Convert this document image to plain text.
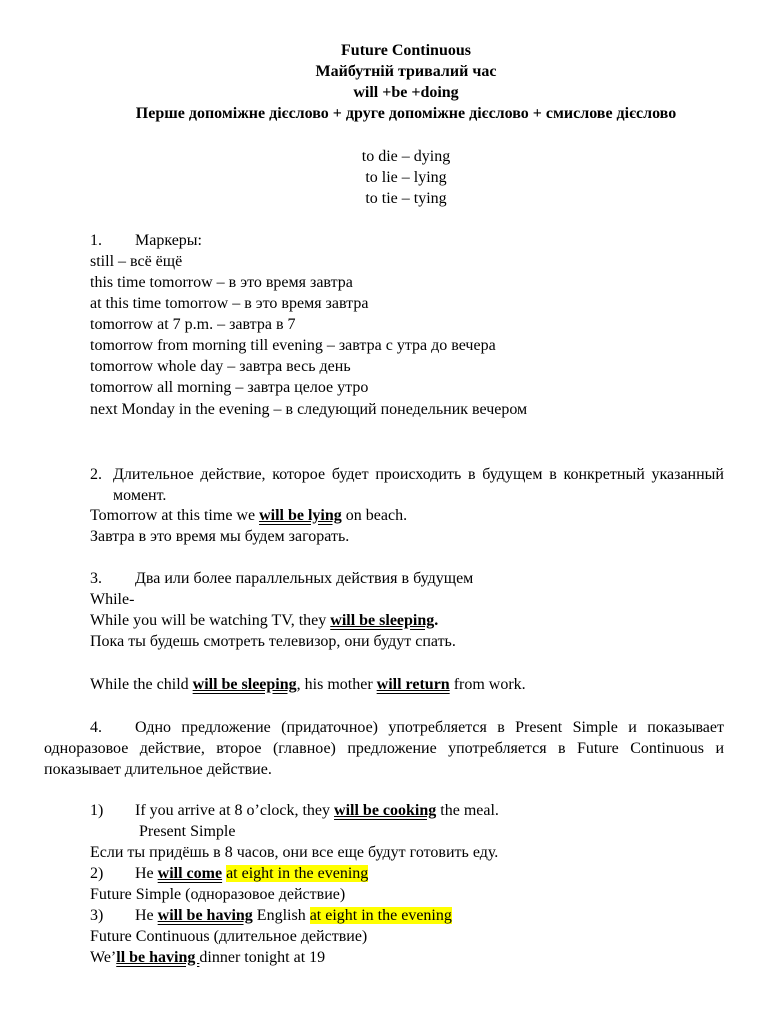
Future Continuous
Майбутній тривалий час
will +be +doing
Перше допоміжне дієслово + друге допоміжне дієслово + смислове дієслово
to die – dying
to lie – lying
to tie – tying
1. Маркеры:
still – всё ёщё
this time tomorrow – в это время завтра
at this time tomorrow – в это время завтра
tomorrow at 7 p.m. – завтра в 7
tomorrow from morning till evening – завтра с утра до вечера
tomorrow whole day – завтра весь день
tomorrow all morning – завтра целое утро
next Monday in the evening – в следующий понедельник вечером
2. Длительное действие, которое будет происходить в будущем в конкретный указанный момент.
Tomorrow at this time we will be lying on beach.
Завтра в это время мы будем загорать.
3. Два или более параллельных действия в будущем
While-
While you will be watching TV, they will be sleeping.
Пока ты будешь смотреть телевизор, они будут спать.
While the child will be sleeping, his mother will return from work.
4. Одно предложение (придаточное) употребляется в Present Simple и показывает одноразовое действие, второе (главное) предложение употребляется в Future Continuous и показывает длительное действие.
1) If you arrive at 8 o’clock, they will be cooking the meal.
Present Simple
Если ты придёшь в 8 часов, они все еще будут готовить еду.
2) He will come at eight in the evening
Future Simple (одноразовое действие)
3) He will be having English at eight in the evening
Future Continuous (длительное действие)
We’ll be having dinner tonight at 19
